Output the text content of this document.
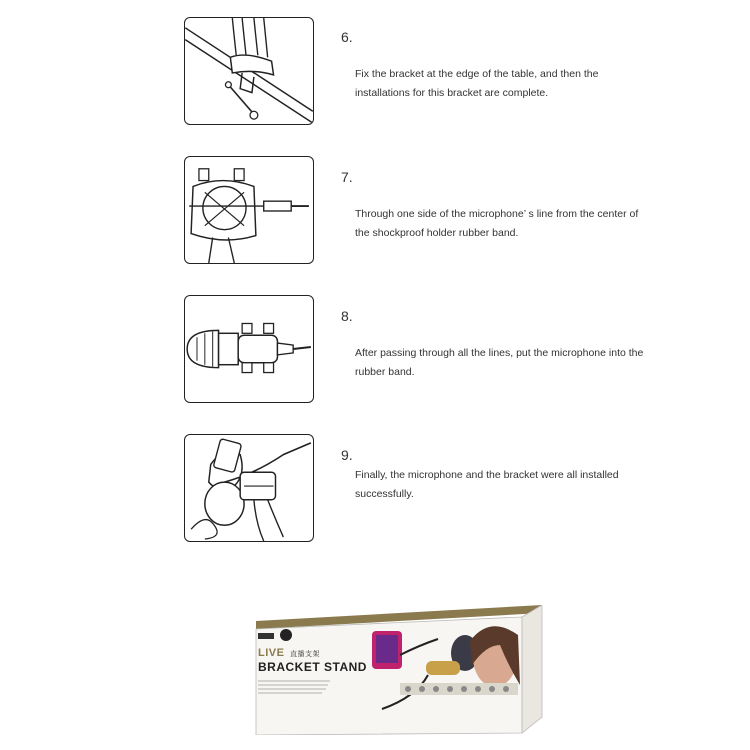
6.
Fix the bracket at the edge of the table, and then the installations for this bracket are complete.
7.
Through one side of the microphone’ s line from the center of the shockproof holder rubber band.
8.
After passing through all the lines, put the microphone into the rubber band.
9.
Finally, the microphone and the bracket were all installed successfully.
LIVE 直播支架
BRACKET STAND
